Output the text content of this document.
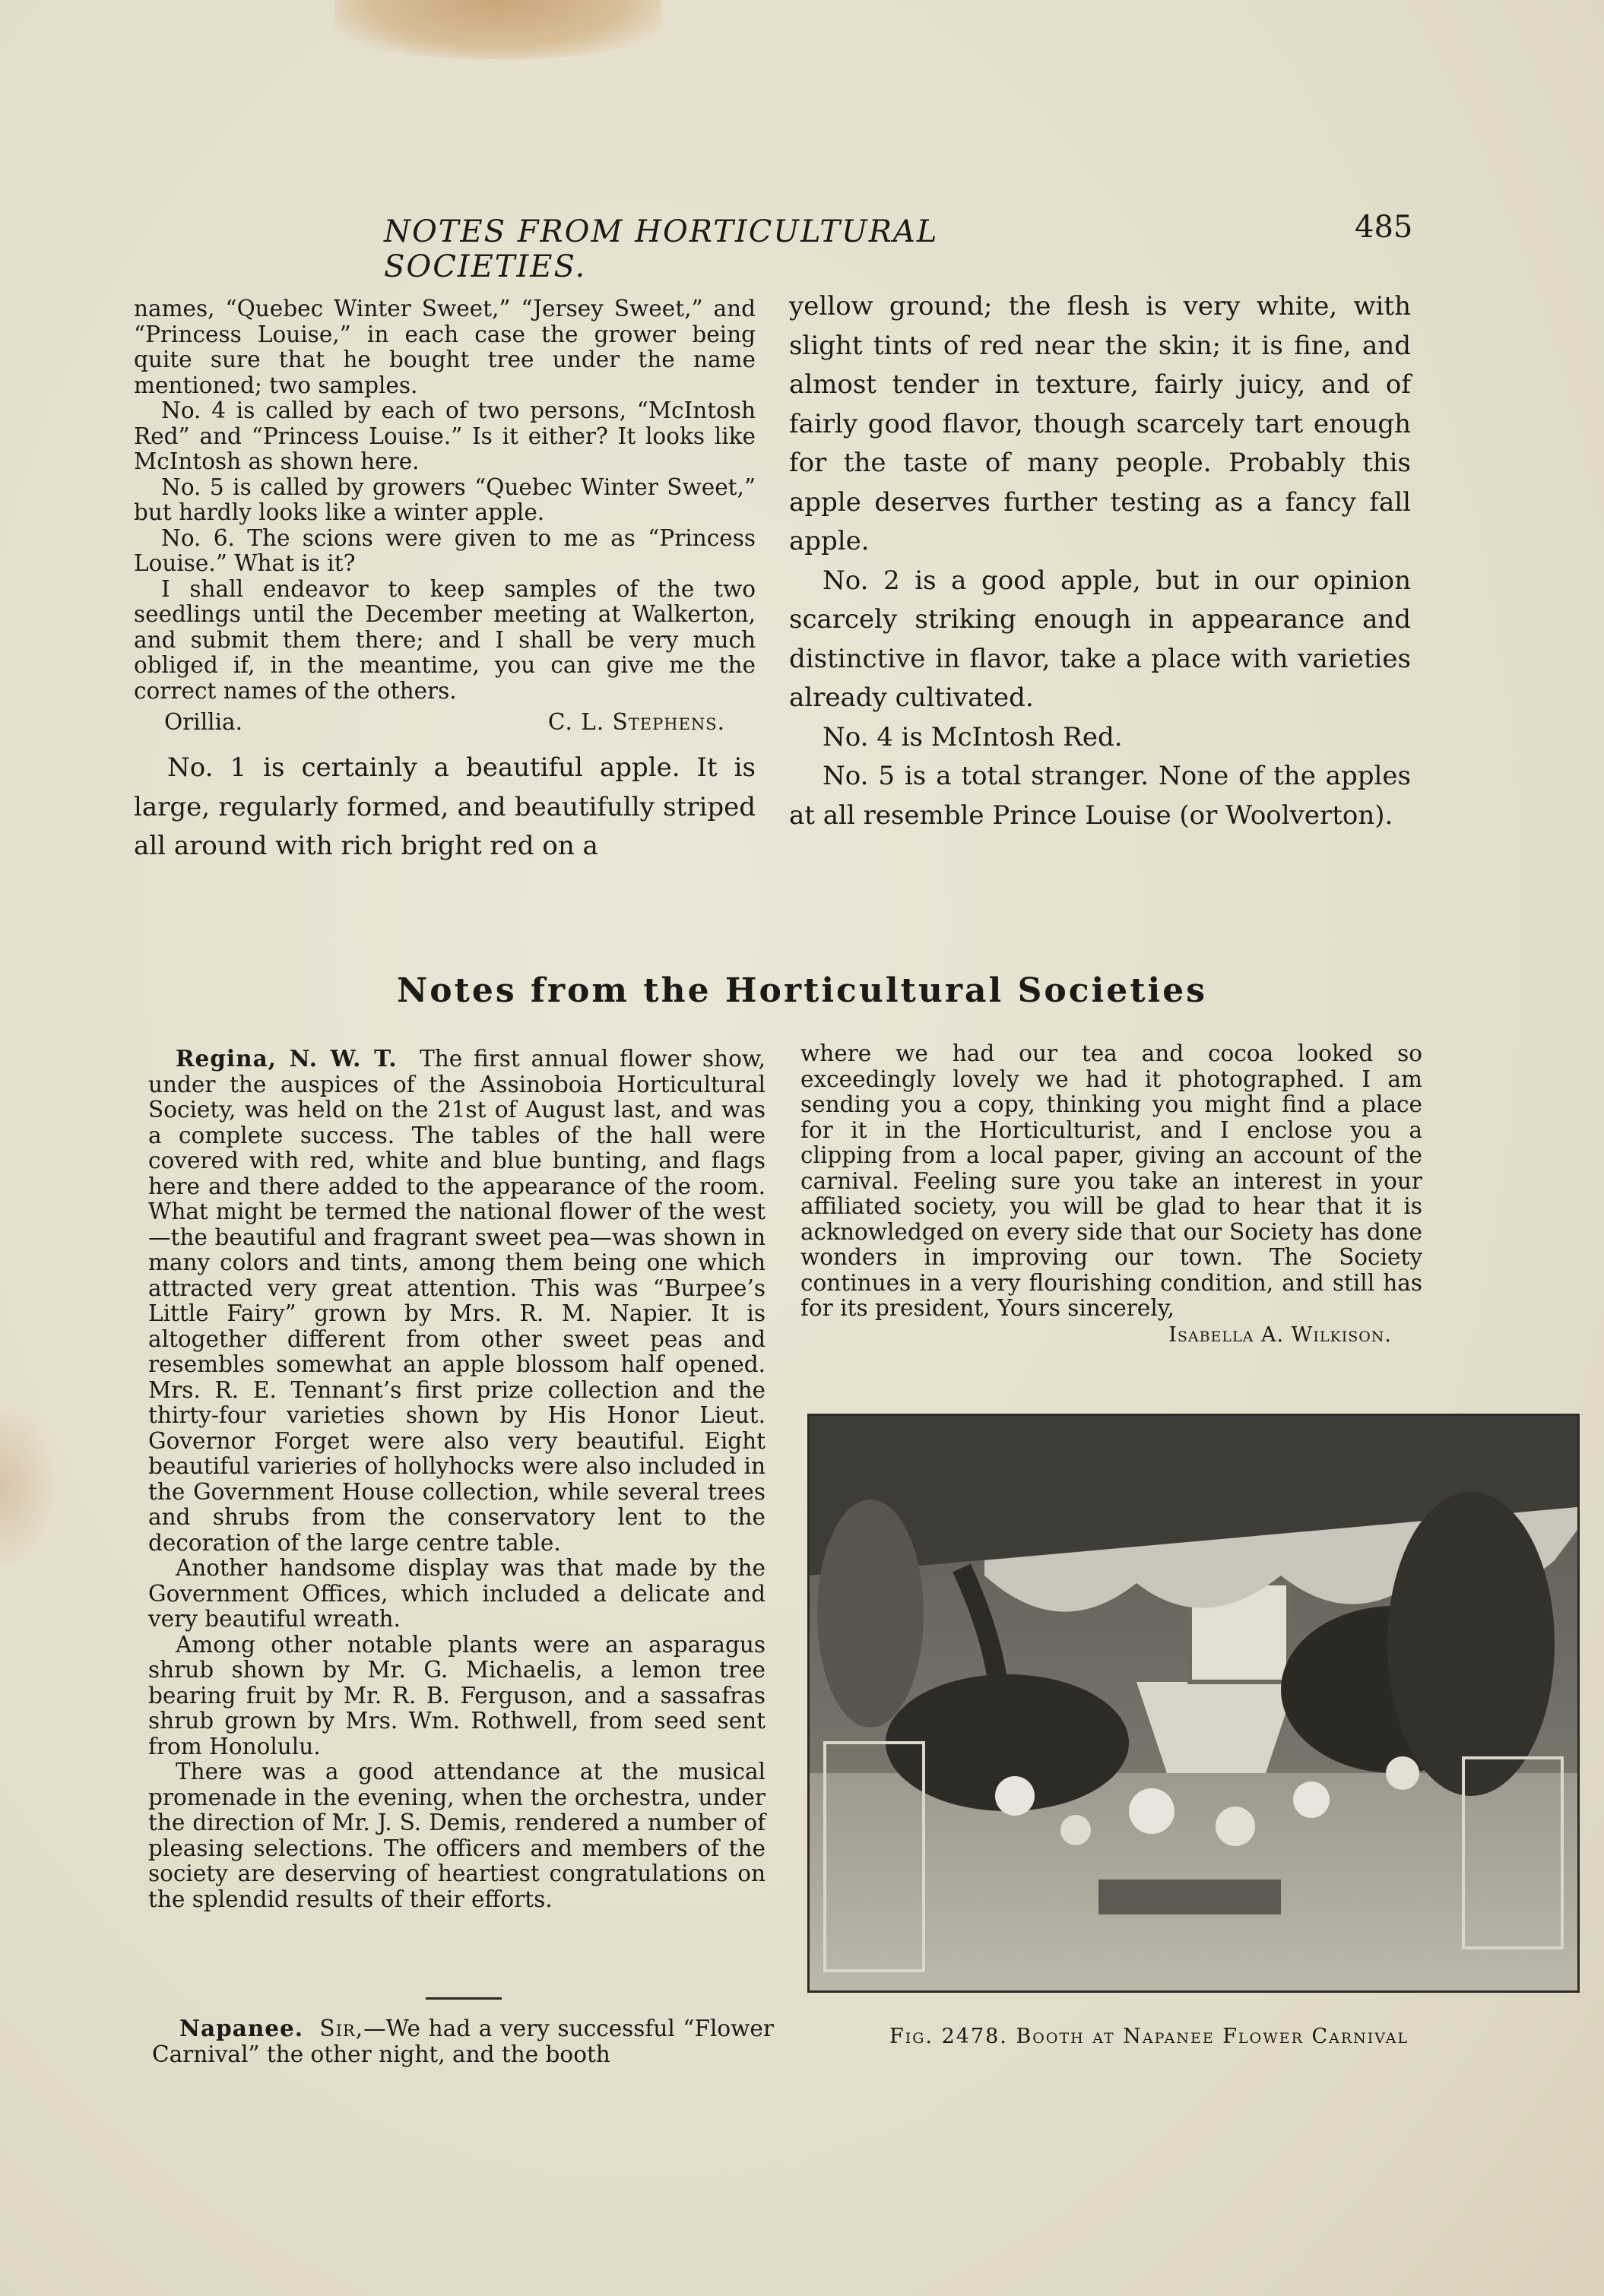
NOTES FROM HORTICULTURAL SOCIETIES.
485

names, “Quebec Winter Sweet,” “Jersey Sweet,” and “Princess Louise,” in each case the grower being quite sure that he bought tree under the name mentioned; two samples.

No. 4 is called by each of two persons, “McIntosh Red” and “Princess Louise.” Is it either? It looks like McIntosh as shown here.

No. 5 is called by growers “Quebec Winter Sweet,” but hardly looks like a winter apple.

No. 6. The scions were given to me as “Princess Louise.” What is it?

I shall endeavor to keep samples of the two seedlings until the December meeting at Walkerton, and submit them there; and I shall be very much obliged if, in the meantime, you can give me the correct names of the others.

Orillia.	C. L. Stephens.

No. 1 is certainly a beautiful apple. It is large, regularly formed, and beautifully striped all around with rich bright red on a

yellow ground; the flesh is very white, with slight tints of red near the skin; it is fine, and almost tender in texture, fairly juicy, and of fairly good flavor, though scarcely tart enough for the taste of many people. Probably this apple deserves further testing as a fancy fall apple.

No. 2 is a good apple, but in our opinion scarcely striking enough in appearance and distinctive in flavor, take a place with varieties already cultivated.

No. 4 is McIntosh Red.

No. 5 is a total stranger. None of the apples at all resemble Prince Louise (or Woolverton).

Notes from the Horticultural Societies

Regina, N. W. T. The first annual flower show, under the auspices of the Assinoboia Horticultural Society, was held on the 21st of August last, and was a complete success. The tables of the hall were covered with red, white and blue bunting, and flags here and there added to the appearance of the room. What might be termed the national flower of the west—the beautiful and fragrant sweet pea—was shown in many colors and tints, among them being one which attracted very great attention. This was “Burpee’s Little Fairy” grown by Mrs. R. M. Napier. It is altogether different from other sweet peas and resembles somewhat an apple blossom half opened. Mrs. R. E. Tennant’s first prize collection and the thirty-four varieties shown by His Honor Lieut. Governor Forget were also very beautiful. Eight beautiful varieries of hollyhocks were also included in the Government House collection, while several trees and shrubs from the conservatory lent to the decoration of the large centre table.

Another handsome display was that made by the Government Offices, which included a delicate and very beautiful wreath.

Among other notable plants were an asparagus shrub shown by Mr. G. Michaelis, a lemon tree bearing fruit by Mr. R. B. Ferguson, and a sassafras shrub grown by Mrs. Wm. Rothwell, from seed sent from Honolulu.

There was a good attendance at the musical promenade in the evening, when the orchestra, under the direction of Mr. J. S. Demis, rendered a number of pleasing selections. The officers and members of the society are deserving of heartiest congratulations on the splendid results of their efforts.

Napanee. Sir,—We had a very successful “Flower Carnival” the other night, and the booth

where we had our tea and cocoa looked so exceedingly lovely we had it photographed. I am sending you a copy, thinking you might find a place for it in the Horticulturist, and I enclose you a clipping from a local paper, giving an account of the carnival. Feeling sure you take an interest in your affiliated society, you will be glad to hear that it is acknowledged on every side that our Society has done wonders in improving our town. The Society continues in a very flourishing condition, and still has for its president, Yours sincerely,

Isabella A. Wilkison.
Fig. 2478. Booth at Napanee Flower Carnival
